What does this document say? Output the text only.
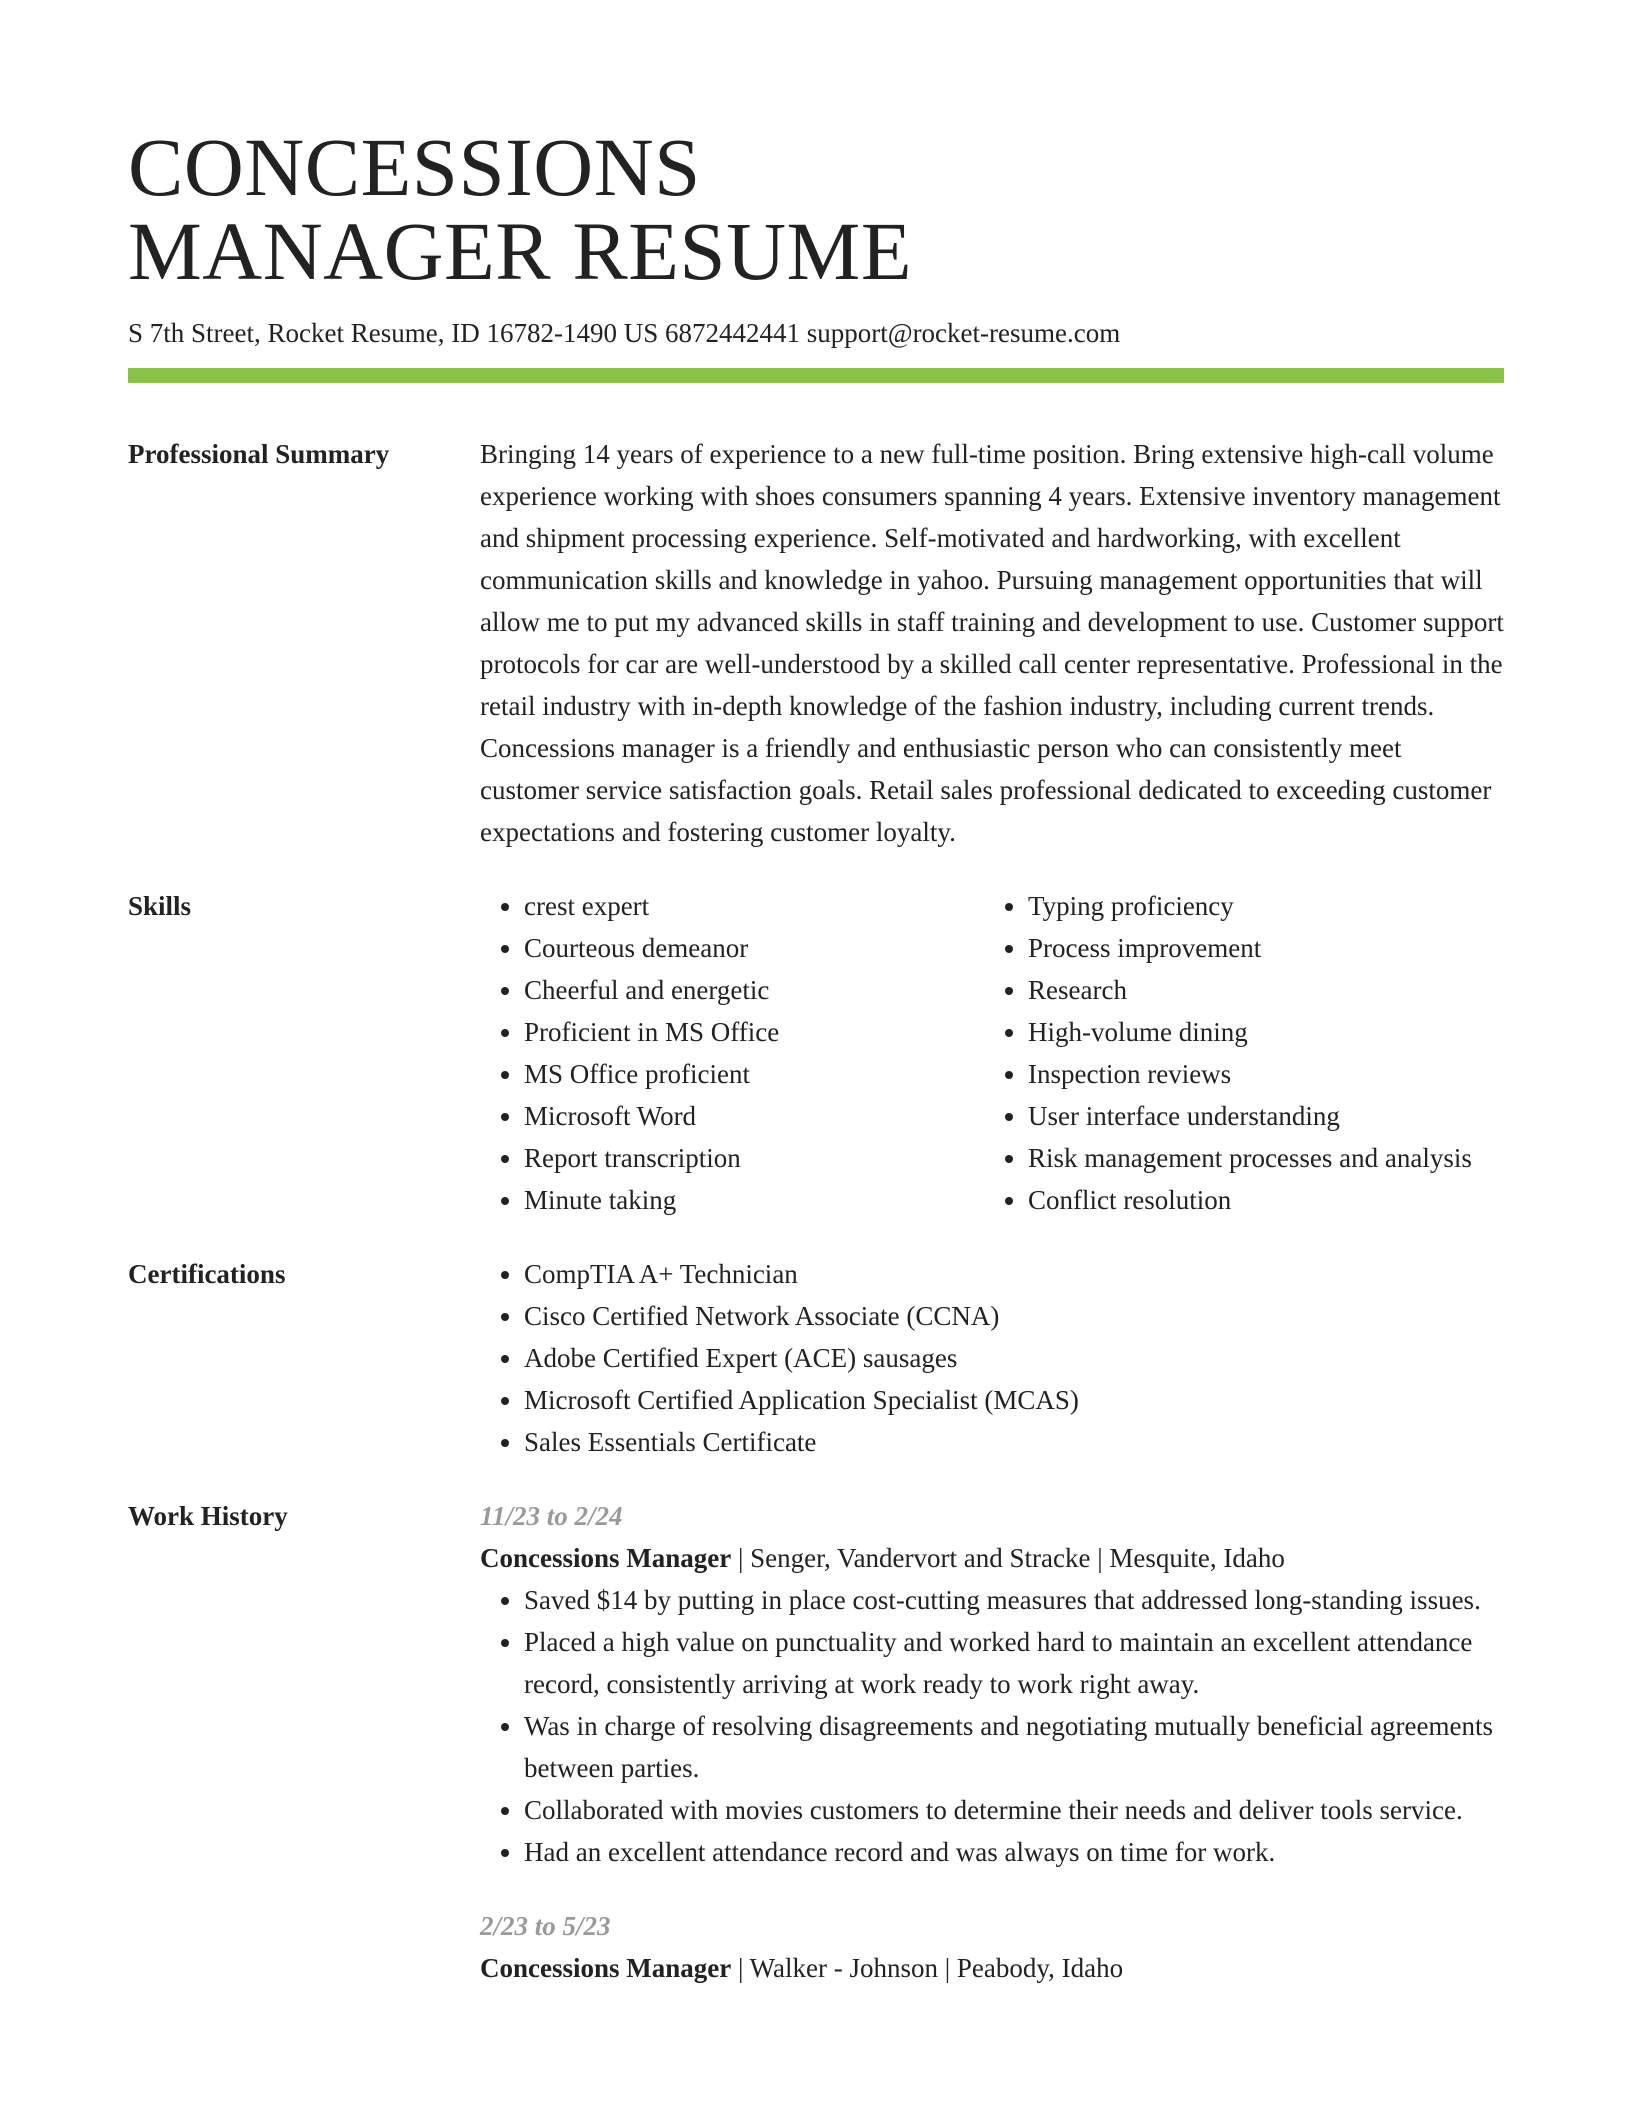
CONCESSIONS
MANAGER RESUME
S 7th Street, Rocket Resume, ID 16782-1490 US 6872442441 support@rocket-resume.com
Professional Summary	Bringing 14 years of experience to a new full-time position. Bring extensive high-call volume experience working with shoes consumers spanning 4 years. Extensive inventory management and shipment processing experience. Self-motivated and hardworking, with excellent communication skills and knowledge in yahoo. Pursuing management opportunities that will allow me to put my advanced skills in staff training and development to use. Customer support protocols for car are well-understood by a skilled call center representative. Professional in the retail industry with in-depth knowledge of the fashion industry, including current trends. Concessions manager is a friendly and enthusiastic person who can consistently meet customer service satisfaction goals. Retail sales professional dedicated to exceeding customer expectations and fostering customer loyalty.

Skills	• crest expert
• Courteous demeanor
• Cheerful and energetic
• Proficient in MS Office
• MS Office proficient
• Microsoft Word
• Report transcription
• Minute taking
• Typing proficiency
• Process improvement
• Research
• High-volume dining
• Inspection reviews
• User interface understanding
• Risk management processes and analysis
• Conflict resolution
Certifications	• CompTIA A+ Technician
• Cisco Certified Network Associate (CCNA)
• Adobe Certified Expert (ACE) sausages
• Microsoft Certified Application Specialist (MCAS)
• Sales Essentials Certificate
Work History	11/23 to 2/24
Concessions Manager | Senger, Vandervort and Stracke | Mesquite, Idaho
• Saved $14 by putting in place cost-cutting measures that addressed long-standing issues.
• Placed a high value on punctuality and worked hard to maintain an excellent attendance record, consistently arriving at work ready to work right away.
• Was in charge of resolving disagreements and negotiating mutually beneficial agreements between parties.
• Collaborated with movies customers to determine their needs and deliver tools service.
• Had an excellent attendance record and was always on time for work.
2/23 to 5/23
Concessions Manager | Walker - Johnson | Peabody, Idaho
